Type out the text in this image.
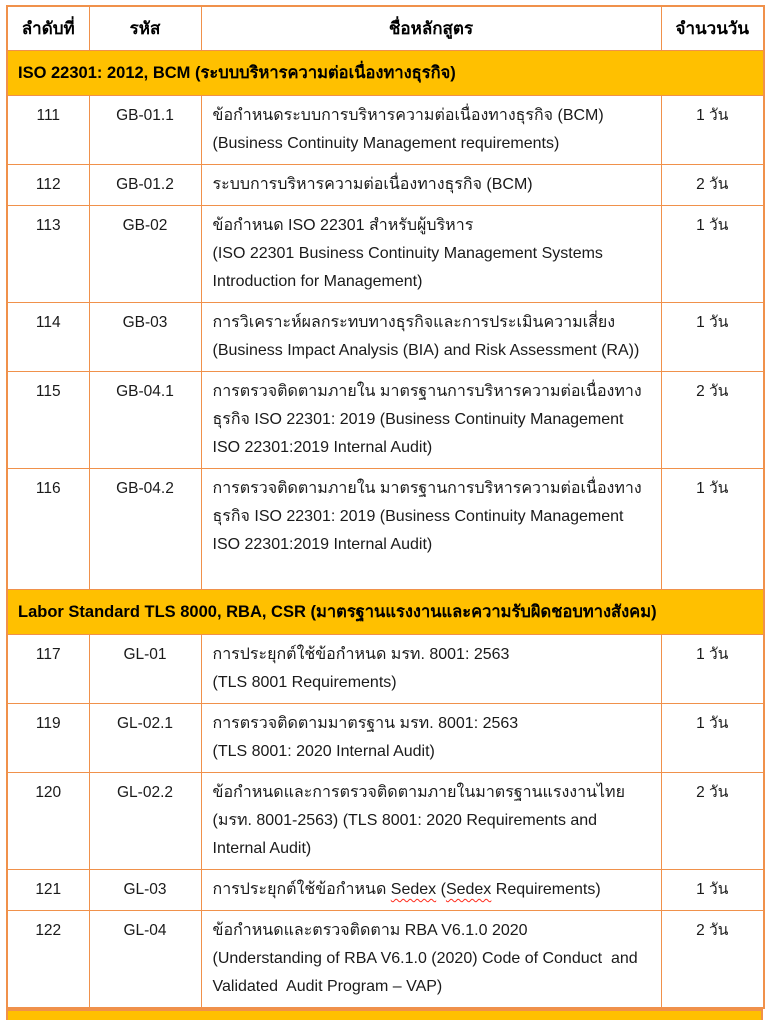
ลำดับที่	รหัส	ชื่อหลักสูตร	จำนวนวัน
ISO 22301: 2012, BCM (ระบบบริหารความต่อเนื่องทางธุรกิจ)			
111	GB-01.1	ข้อกำหนดระบบการบริหารความต่อเนื่องทางธุรกิจ (BCM)
(Business Continuity Management requirements)	1 วัน
112	GB-01.2	ระบบการบริหารความต่อเนื่องทางธุรกิจ (BCM)	2 วัน
113	GB-02	ข้อกำหนด ISO 22301 สำหรับผู้บริหาร
(ISO 22301 Business Continuity Management Systems
Introduction for Management)	1 วัน
114	GB-03	การวิเคราะห์ผลกระทบทางธุรกิจและการประเมินความเสี่ยง
(Business Impact Analysis (BIA) and Risk Assessment (RA))	1 วัน
115	GB-04.1	การตรวจติดตามภายใน มาตรฐานการบริหารความต่อเนื่องทาง
ธุรกิจ ISO 22301: 2019 (Business Continuity Management
ISO 22301:2019 Internal Audit)	2 วัน
116	GB-04.2	การตรวจติดตามภายใน มาตรฐานการบริหารความต่อเนื่องทาง
ธุรกิจ ISO 22301: 2019 (Business Continuity Management
ISO 22301:2019 Internal Audit)	1 วัน
Labor Standard TLS 8000, RBA, CSR (มาตรฐานแรงงานและความรับผิดชอบทางสังคม)			
117	GL-01	การประยุกต์ใช้ข้อกำหนด มรท. 8001: 2563
(TLS 8001 Requirements)	1 วัน
119	GL-02.1	การตรวจติดตามมาตรฐาน มรท. 8001: 2563
(TLS 8001: 2020 Internal Audit)	1 วัน
120	GL-02.2	ข้อกำหนดและการตรวจติดตามภายในมาตรฐานแรงงานไทย
(มรท. 8001-2563) (TLS 8001: 2020 Requirements and
Internal Audit)	2 วัน
121	GL-03	การประยุกต์ใช้ข้อกำหนด Sedex (Sedex Requirements)	1 วัน
122	GL-04	ข้อกำหนดและตรวจติดตาม RBA V6.1.0 2020
(Understanding of RBA V6.1.0 (2020) Code of Conduct  and
Validated  Audit Program – VAP)	2 วัน
